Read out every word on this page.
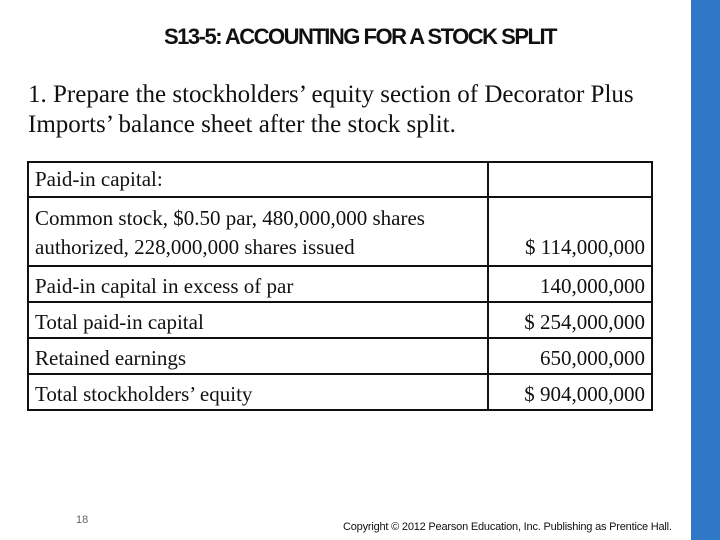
S13-5: ACCOUNTING FOR A STOCK SPLIT
1. Prepare the stockholders’ equity section of Decorator Plus Imports’ balance sheet after the stock split.
Paid-in capital:	

Common stock, $0.50 par, 480,000,000 shares
authorized, 228,000,000 shares issued	$ 114,000,000
Paid-in capital in excess of par	140,000,000
Total paid-in capital	$ 254,000,000
Retained earnings	650,000,000
Total stockholders’ equity	$ 904,000,000
18
Copyright © 2012 Pearson Education, Inc. Publishing as Prentice Hall.
